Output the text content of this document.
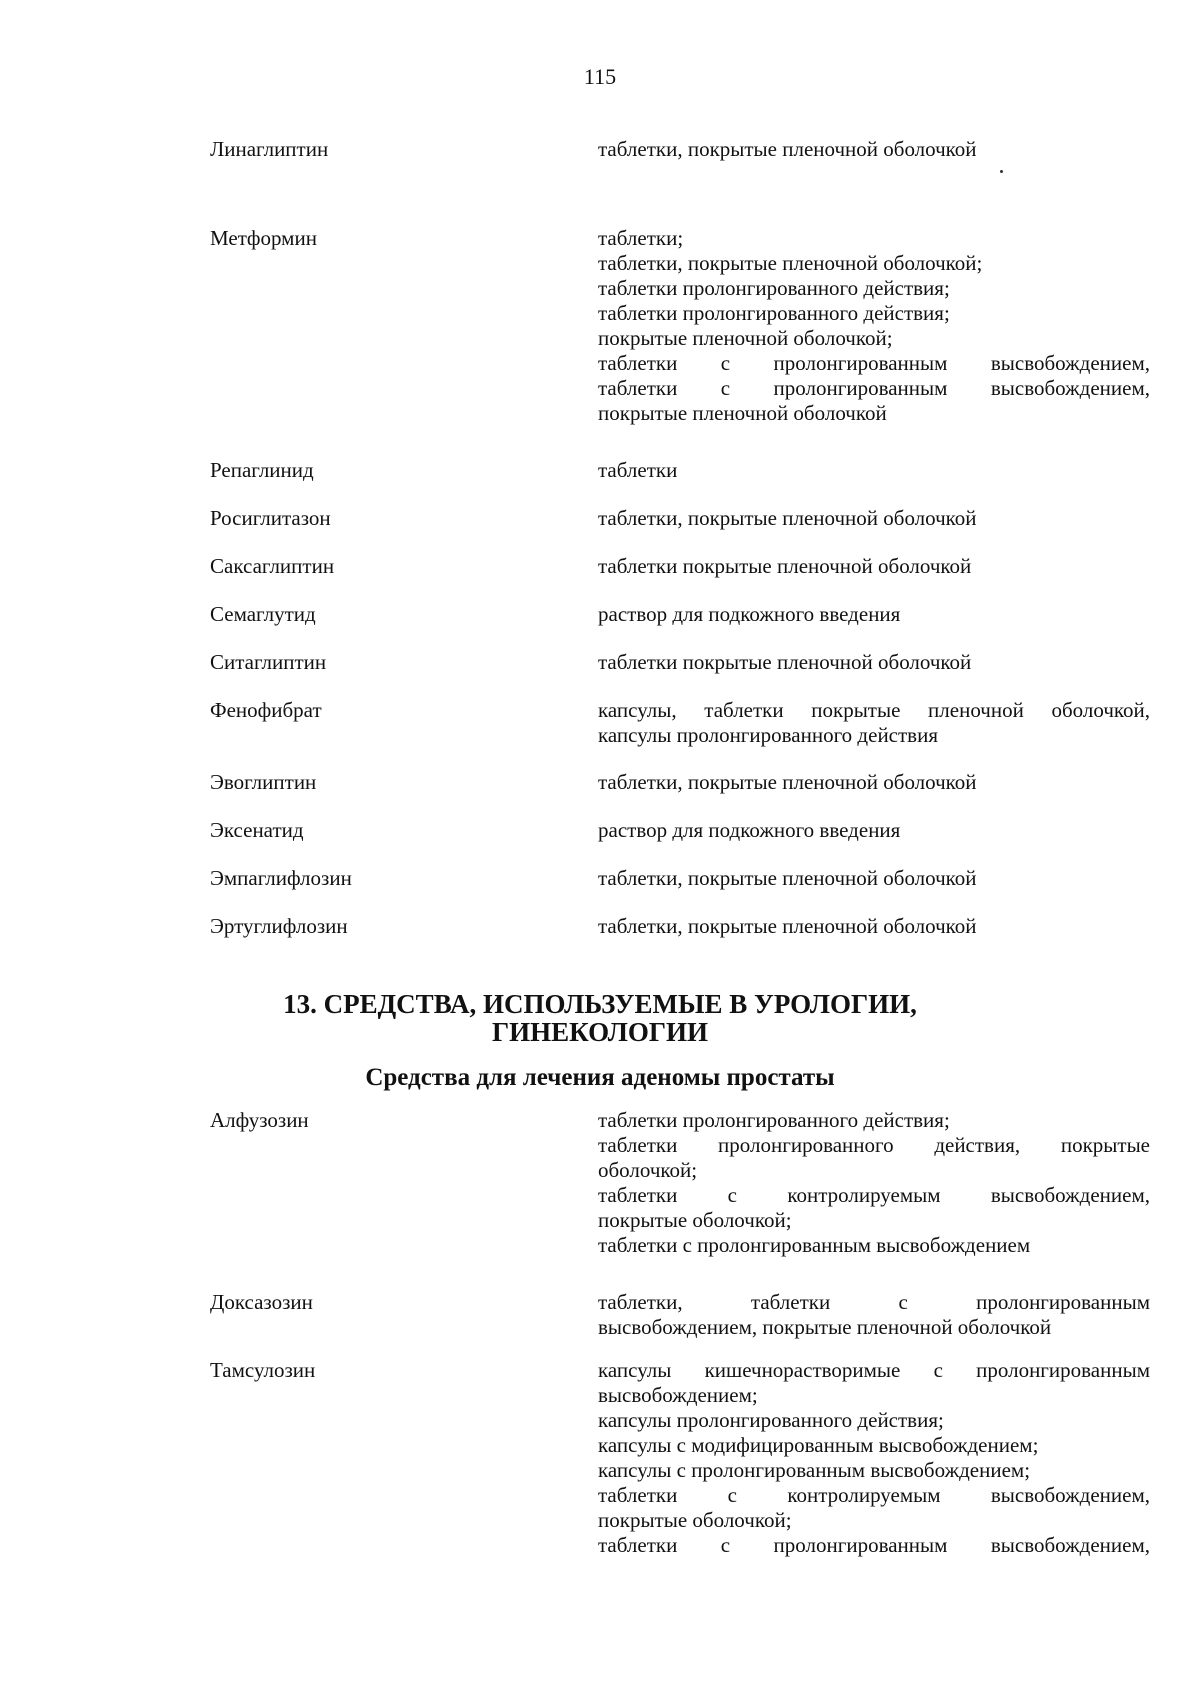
115
Линаглиптин	таблетки, покрытые пленочной оболочкой
Метформин	таблетки;
таблетки, покрытые пленочной оболочкой;
таблетки пролонгированного действия;
таблетки пролонгированного действия;
покрытые пленочной оболочкой;
таблетки с пролонгированным высвобождением,
таблетки с пролонгированным высвобождением,
покрытые пленочной оболочкой
Репаглинид	таблетки
Росиглитазон	таблетки, покрытые пленочной оболочкой
Саксаглиптин	таблетки покрытые пленочной оболочкой
Семаглутид	раствор для подкожного введения
Ситаглиптин	таблетки покрытые пленочной оболочкой
Фенофибрат	капсулы, таблетки покрытые пленочной оболочкой,
капсулы пролонгированного действия
Эвоглиптин	таблетки, покрытые пленочной оболочкой
Эксенатид	раствор для подкожного введения
Эмпаглифлозин	таблетки, покрытые пленочной оболочкой
Эртуглифлозин	таблетки, покрытые пленочной оболочкой
13. СРЕДСТВА, ИСПОЛЬЗУЕМЫЕ В УРОЛОГИИ,
ГИНЕКОЛОГИИ
Средства для лечения аденомы простаты
Алфузозин	таблетки пролонгированного действия;
таблетки пролонгированного действия, покрытые
оболочкой;
таблетки с контролируемым высвобождением,
покрытые оболочкой;
таблетки с пролонгированным высвобождением
Доксазозин	таблетки, таблетки с пролонгированным
высвобождением, покрытые пленочной оболочкой
Тамсулозин	капсулы кишечнорастворимые с пролонгированным
высвобождением;
капсулы пролонгированного действия;
капсулы с модифицированным высвобождением;
капсулы с пролонгированным высвобождением;
таблетки с контролируемым высвобождением,
покрытые оболочкой;
таблетки с пролонгированным высвобождением,
